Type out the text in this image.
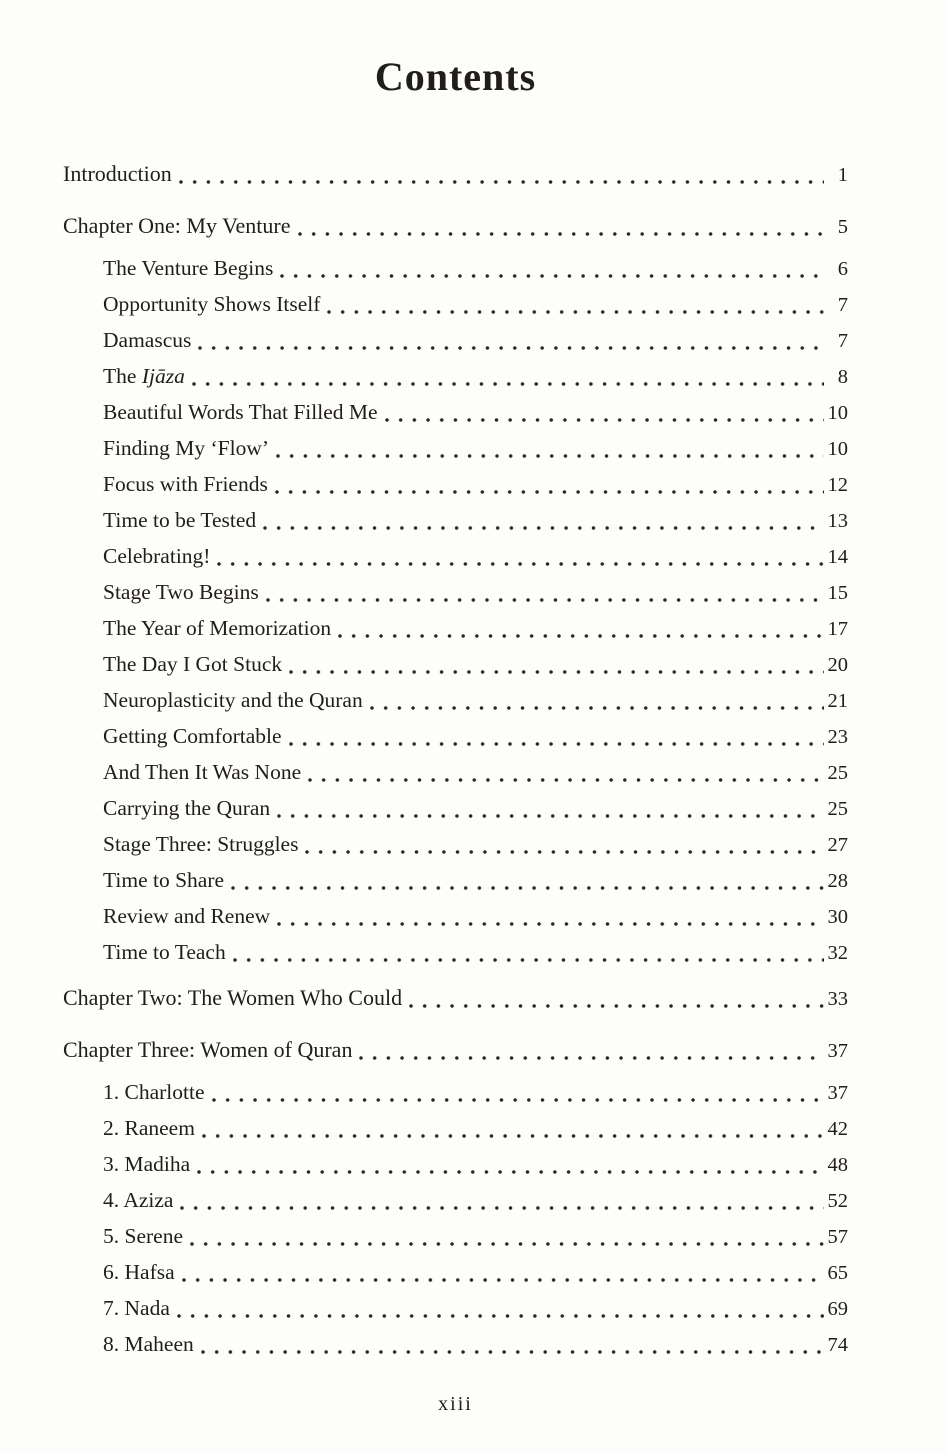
Contents
Introduction	1
Chapter One: My Venture	5
The Venture Begins	6
Opportunity Shows Itself	7
Damascus	7
The Ijāza	8
Beautiful Words That Filled Me	10
Finding My ‘Flow’	10
Focus with Friends	12
Time to be Tested	13
Celebrating!	14
Stage Two Begins	15
The Year of Memorization	17
The Day I Got Stuck	20
Neuroplasticity and the Quran	21
Getting Comfortable	23
And Then It Was None	25
Carrying the Quran	25
Stage Three: Struggles	27
Time to Share	28
Review and Renew	30
Time to Teach	32
Chapter Two: The Women Who Could	33
Chapter Three: Women of Quran	37
1. Charlotte	37
2. Raneem	42
3. Madiha	48
4. Aziza	52
5. Serene	57
6. Hafsa	65
7. Nada	69
8. Maheen	74
xiii
